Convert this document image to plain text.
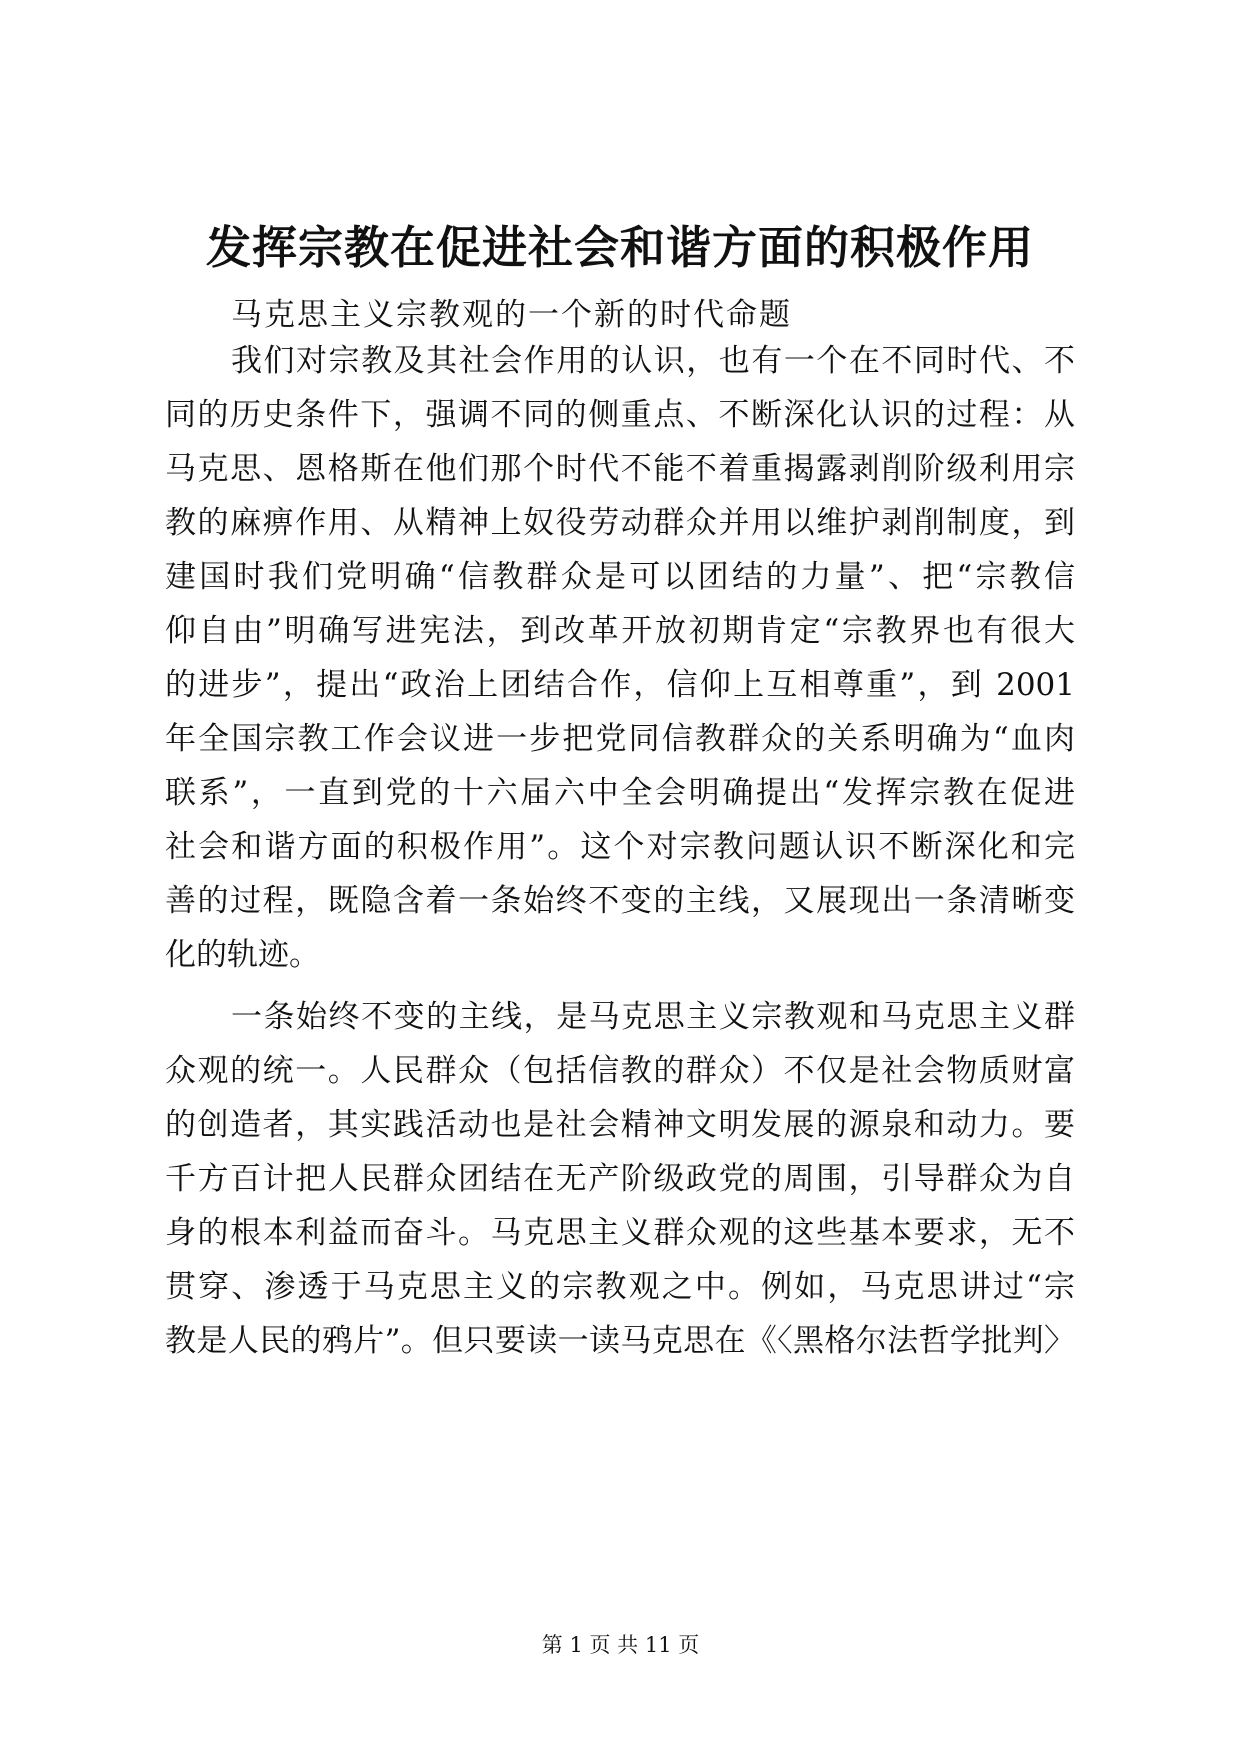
发挥宗教在促进社会和谐方面的积极作用

马克思主义宗教观的一个新的时代命题

我们对宗教及其社会作用的认识，也有一个在不同时代、不

同的历史条件下，强调不同的侧重点、不断深化认识的过程：从

马克思、恩格斯在他们那个时代不能不着重揭露剥削阶级利用宗

教的麻痹作用、从精神上奴役劳动群众并用以维护剥削制度，到

建国时我们党明确“信教群众是可以团结的力量”、把“宗教信

仰自由”明确写进宪法，到改革开放初期肯定“宗教界也有很大

的进步”，提出“政治上团结合作，信仰上互相尊重”，到 2001

年全国宗教工作会议进一步把党同信教群众的关系明确为“血肉

联系”，一直到党的十六届六中全会明确提出“发挥宗教在促进

社会和谐方面的积极作用”。这个对宗教问题认识不断深化和完

善的过程，既隐含着一条始终不变的主线，又展现出一条清晰变

化的轨迹。

一条始终不变的主线，是马克思主义宗教观和马克思主义群

众观的统一。人民群众（包括信教的群众）不仅是社会物质财富

的创造者，其实践活动也是社会精神文明发展的源泉和动力。要

千方百计把人民群众团结在无产阶级政党的周围，引导群众为自

身的根本利益而奋斗。马克思主义群众观的这些基本要求，无不

贯穿、渗透于马克思主义的宗教观之中。例如，马克思讲过“宗

教是人民的鸦片”。但只要读一读马克思在《〈黑格尔法哲学批判〉

第 1 页 共 11 页
